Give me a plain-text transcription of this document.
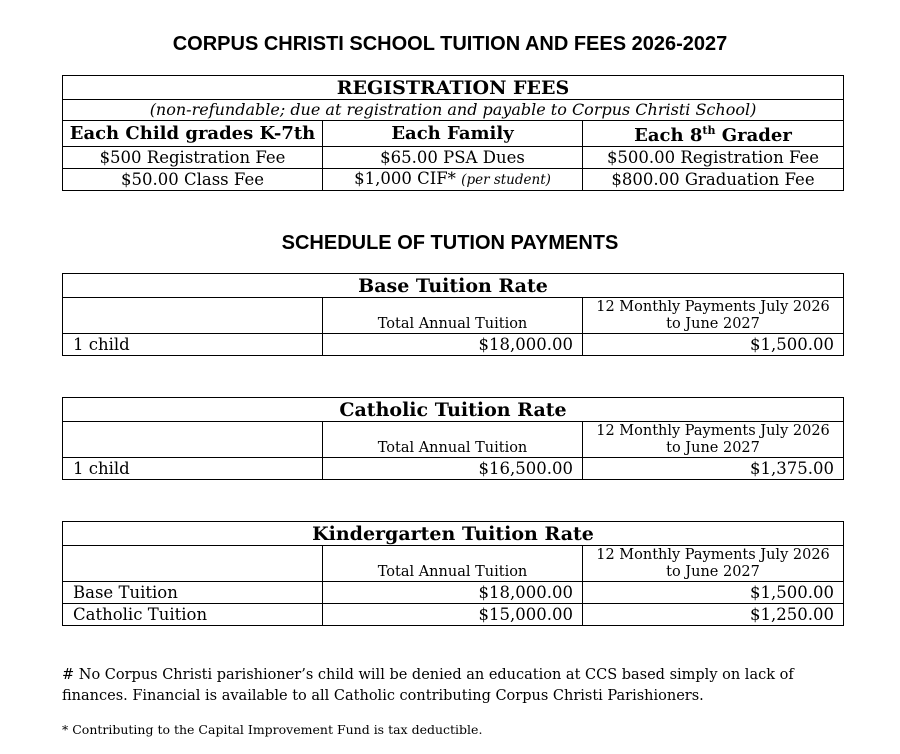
CORPUS CHRISTI SCHOOL TUITION AND FEES 2026-2027
REGISTRATION FEES		
(non-refundable; due at registration and payable to Corpus Christi School)		
Each Child grades K-7th	Each Family	Each 8th Grader
$500 Registration Fee	$65.00 PSA Dues	$500.00 Registration Fee
$50.00 Class Fee	$1,000 CIF* (per student)	$800.00 Graduation Fee
SCHEDULE OF TUTION PAYMENTS
Base Tuition Rate		
	Total Annual Tuition	12 Monthly Payments July 2026
to June 2027

1 child	$18,000.00	$1,500.00
Catholic Tuition Rate		
	Total Annual Tuition	12 Monthly Payments July 2026
to June 2027

1 child	$16,500.00	$1,375.00
Kindergarten Tuition Rate		
	Total Annual Tuition	12 Monthly Payments July 2026
to June 2027

Base Tuition	$18,000.00	$1,500.00
Catholic Tuition	$15,000.00	$1,250.00

# No Corpus Christi parishioner’s child will be denied an education at CCS based simply on lack of finances. Financial is available to all Catholic contributing Corpus Christi Parishioners.

* Contributing to the Capital Improvement Fund is tax deductible.
